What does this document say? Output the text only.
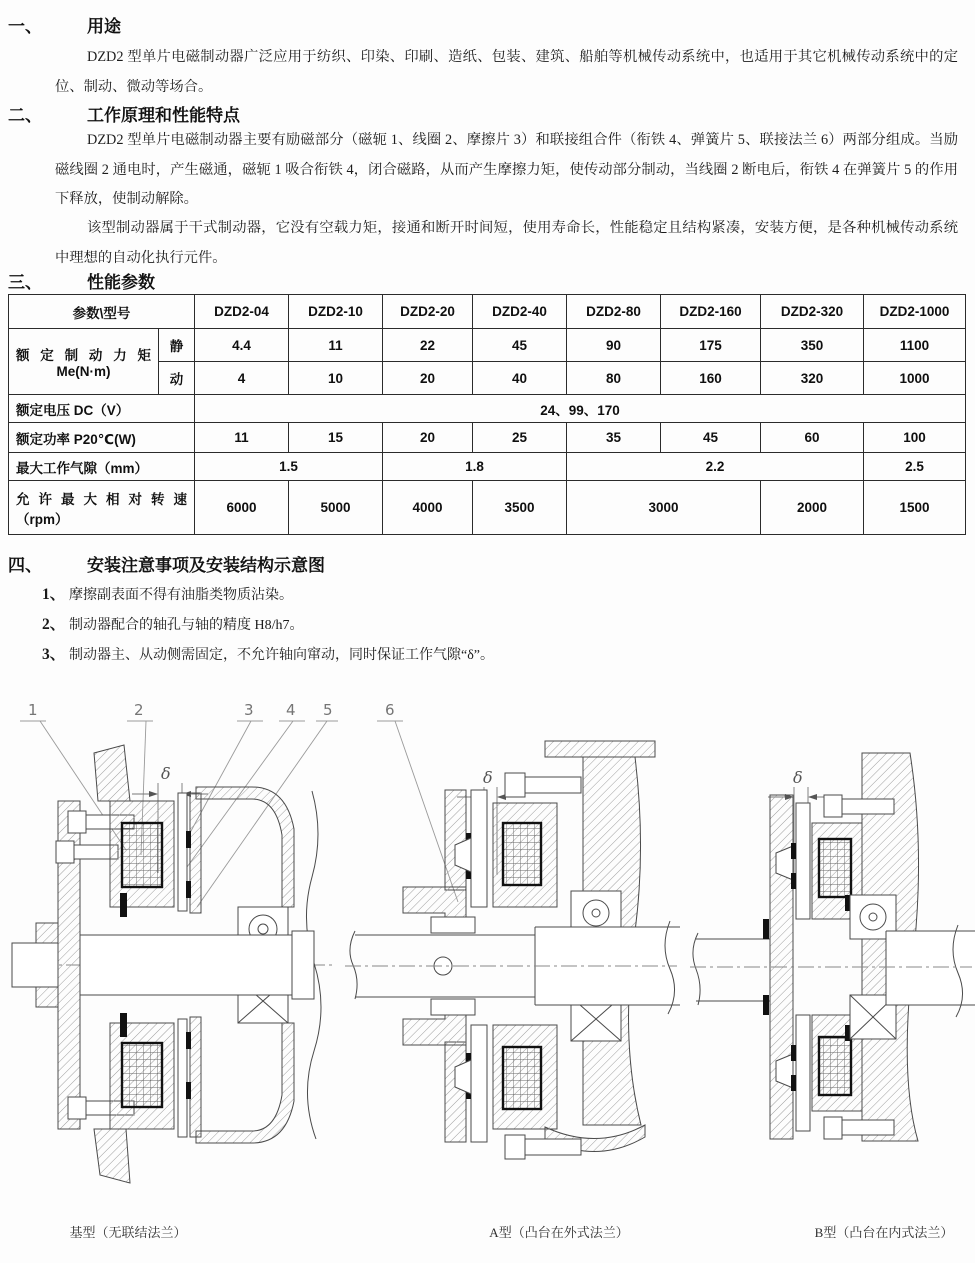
一、	用途
DZD2 型单片电磁制动器广泛应用于纺织、印染、印刷、造纸、包装、建筑、船舶等机械传动系统中，也适用于其它机械传动系统中的定位、制动、微动等场合。
二、	工作原理和性能特点
DZD2 型单片电磁制动器主要有励磁部分（磁轭 1、线圈 2、摩擦片 3）和联接组合件（衔铁 4、弹簧片 5、联接法兰 6）两部分组成。当励磁线圈 2 通电时，产生磁通，磁轭 1 吸合衔铁 4，闭合磁路，从而产生摩擦力矩，使传动部分制动，当线圈 2 断电后，衔铁 4 在弹簧片 5 的作用下释放，使制动解除。
该型制动器属于干式制动器，它没有空载力矩，接通和断开时间短，使用寿命长，性能稳定且结构紧凑，安装方便，是各种机械传动系统中理想的自动化执行元件。
三、	性能参数
参数\型号		DZD2-04	DZD2-10	DZD2-20	DZD2-40	DZD2-80	DZD2-160	DZD2-320	DZD2-1000

额定制动力矩
Me(N·m)	静	4.4	11	22	45	90	175	350	1100
	动	4	10	20	40	80	160	320	1000
额定电压 DC（V）		24、99、170							
额定功率 P20℃(W)		11	15	20	25	35	45	60	100
最大工作气隙（mm）		1.5		1.8		2.2			2.5

允许最大相对转速
（rpm）		6000	5000	4000	3500	3000		2000	1500
四、	安装注意事项及安装结构示意图
1、 摩擦副表面不得有油脂类物质沾染。
2、 制动器配合的轴孔与轴的精度 H8/h7。
3、 制动器主、从动侧需固定，不允许轴向窜动，同时保证工作气隙“δ”。
1	2	3 4 5
δ
6
δ	δ
基型（无联结法兰）	A型（凸台在外式法兰）	B型（凸台在内式法兰）
